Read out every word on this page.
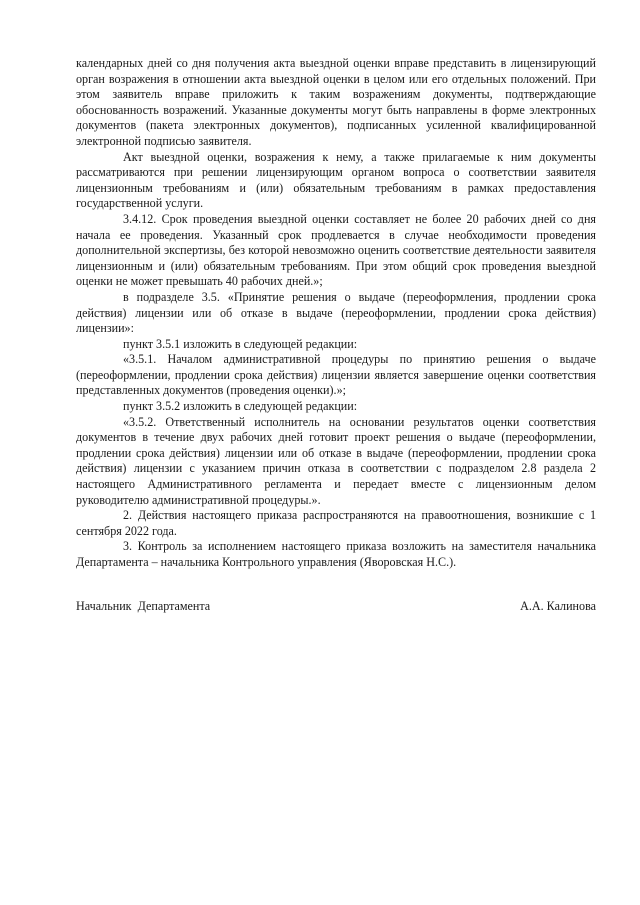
календарных дней со дня получения акта выездной оценки вправе представить в лицензирующий орган возражения в отношении акта выездной оценки в целом или его отдельных положений. При этом заявитель вправе приложить к таким возражениям документы, подтверждающие обоснованность возражений. Указанные документы могут быть направлены в форме электронных документов (пакета электронных документов), подписанных усиленной квалифицированной электронной подписью заявителя.

Акт выездной оценки, возражения к нему, а также прилагаемые к ним документы рассматриваются при решении лицензирующим органом вопроса о соответствии заявителя лицензионным требованиям и (или) обязательным требованиям в рамках предоставления государственной услуги.

3.4.12. Срок проведения выездной оценки составляет не более 20 рабочих дней со дня начала ее проведения. Указанный срок продлевается в случае необходимости проведения дополнительной экспертизы, без которой невозможно оценить соответствие деятельности заявителя лицензионным и (или) обязательным требованиям. При этом общий срок проведения выездной оценки не может превышать 40 рабочих дней.»;

в подразделе 3.5. «Принятие решения о выдаче (переоформления, продлении срока действия) лицензии или об отказе в выдаче (переоформлении, продлении срока действия) лицензии»:

пункт 3.5.1 изложить в следующей редакции:

«3.5.1. Началом административной процедуры по принятию решения о выдаче (переоформлении, продлении срока действия) лицензии является завершение оценки соответствия представленных документов (проведения оценки).»;

пункт 3.5.2 изложить в следующей редакции:

«3.5.2. Ответственный исполнитель на основании результатов оценки соответствия документов в течение двух рабочих дней готовит проект решения о выдаче (переоформлении, продлении срока действия) лицензии или об отказе в выдаче (переоформлении, продлении срока действия) лицензии с указанием причин отказа в соответствии с подразделом 2.8 раздела 2 настоящего Административного регламента и передает вместе с лицензионным делом руководителю административной процедуры.».

2. Действия настоящего приказа распространяются на правоотношения, возникшие с 1 сентября 2022 года.

3. Контроль за исполнением настоящего приказа возложить на заместителя начальника Департамента – начальника Контрольного управления (Яворовская Н.С.).

Начальник  Департамента	А.А. Калинова
